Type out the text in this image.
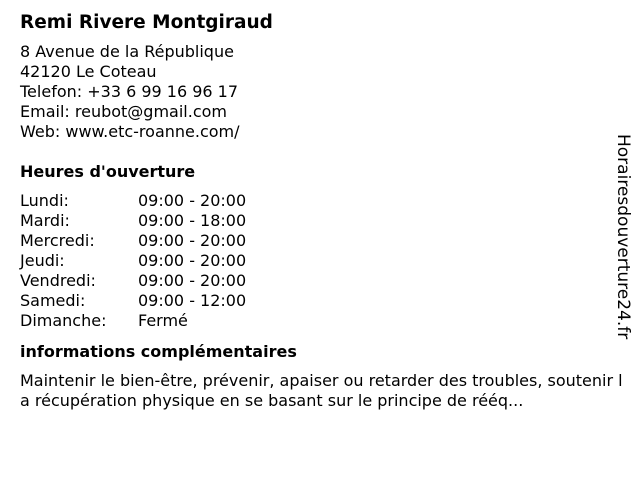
Remi Rivere Montgiraud
8 Avenue de la République
42120 Le Coteau
Telefon: +33 6 99 16 96 17
Email: reubot@gmail.com
Web: www.etc-roanne.com/
Heures d'ouverture
Lundi:	09:00 - 20:00
Mardi:	09:00 - 18:00
Mercredi:	09:00 - 20:00
Jeudi:	09:00 - 20:00
Vendredi:	09:00 - 20:00
Samedi:	09:00 - 12:00
Dimanche:	Fermé
informations complémentaires
Maintenir le bien-être, prévenir, apaiser ou retarder des troubles, soutenir la récupération physique en se basant sur le principe de rééq...
Horairesdouverture24.fr
